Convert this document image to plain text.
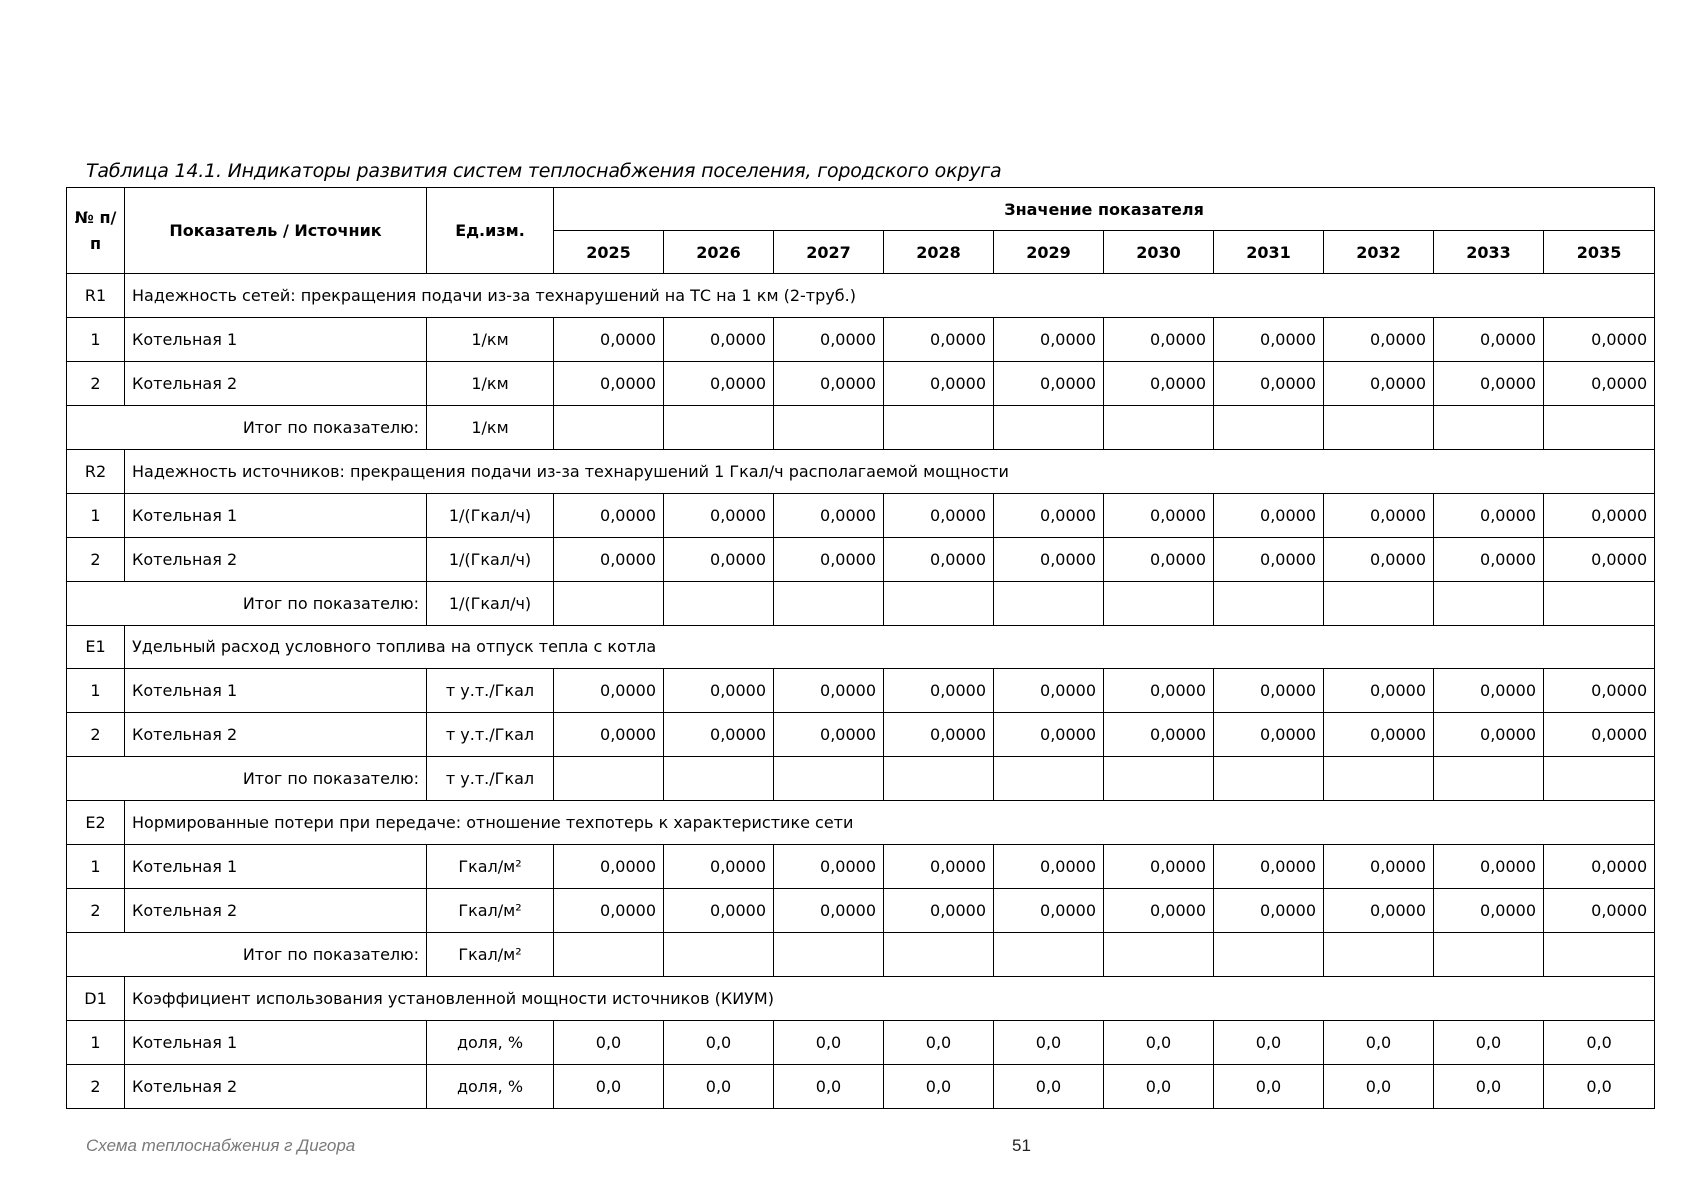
Таблица 14.1. Индикаторы развития систем теплоснабжения поселения, городского округа
№ п/п	Показатель / Источник	Ед.изм.	Значение показателя									
			2025	2026	2027	2028	2029	2030	2031	2032	2033	2035
R1	Надежность сетей: прекращения подачи из-за технарушений на ТС на 1 км (2-труб.)											
1	Котельная 1	1/км	0,0000	0,0000	0,0000	0,0000	0,0000	0,0000	0,0000	0,0000	0,0000	0,0000
2	Котельная 2	1/км	0,0000	0,0000	0,0000	0,0000	0,0000	0,0000	0,0000	0,0000	0,0000	0,0000
Итог по показателю:		1/км										
R2	Надежность источников: прекращения подачи из-за технарушений 1 Гкал/ч располагаемой мощности											
1	Котельная 1	1/(Гкал/ч)	0,0000	0,0000	0,0000	0,0000	0,0000	0,0000	0,0000	0,0000	0,0000	0,0000
2	Котельная 2	1/(Гкал/ч)	0,0000	0,0000	0,0000	0,0000	0,0000	0,0000	0,0000	0,0000	0,0000	0,0000
Итог по показателю:		1/(Гкал/ч)										
E1	Удельный расход условного топлива на отпуск тепла с котла											
1	Котельная 1	т у.т./Гкал	0,0000	0,0000	0,0000	0,0000	0,0000	0,0000	0,0000	0,0000	0,0000	0,0000
2	Котельная 2	т у.т./Гкал	0,0000	0,0000	0,0000	0,0000	0,0000	0,0000	0,0000	0,0000	0,0000	0,0000
Итог по показателю:		т у.т./Гкал										
E2	Нормированные потери при передаче: отношение техпотерь к характеристике сети											
1	Котельная 1	Гкал/м²	0,0000	0,0000	0,0000	0,0000	0,0000	0,0000	0,0000	0,0000	0,0000	0,0000
2	Котельная 2	Гкал/м²	0,0000	0,0000	0,0000	0,0000	0,0000	0,0000	0,0000	0,0000	0,0000	0,0000
Итог по показателю:		Гкал/м²										
D1	Коэффициент использования установленной мощности источников (КИУМ)											
1	Котельная 1	доля, %	0,0	0,0	0,0	0,0	0,0	0,0	0,0	0,0	0,0	0,0
2	Котельная 2	доля, %	0,0	0,0	0,0	0,0	0,0	0,0	0,0	0,0	0,0	0,0
Схема теплоснабжения г Дигора	51
